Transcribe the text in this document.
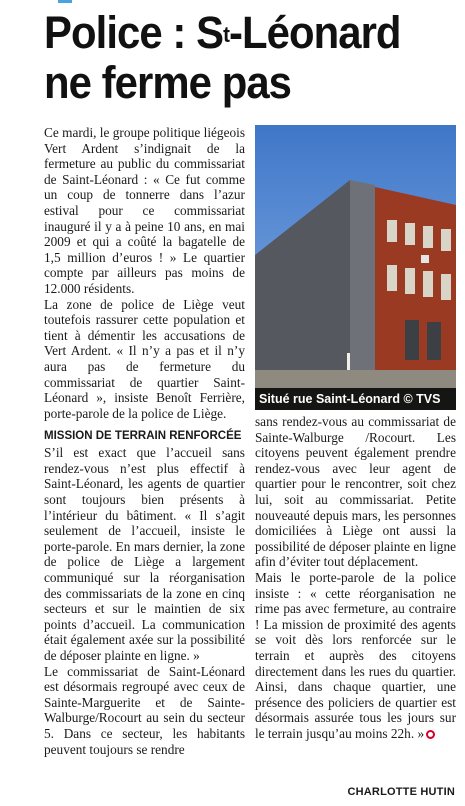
Police : $S^t$-Léonard
ne ferme pas

Ce mardi, le groupe politique liégeois Vert Ardent s’indignait de la fermeture au public du commissariat de Saint-Léonard : « Ce fut comme un coup de tonnerre dans l’azur estival pour ce commissariat inauguré il y a à peine 10 ans, en mai 2009 et qui a coûté la bagatelle de 1,5 million d’euros ! » Le quartier compte par ailleurs pas moins de 12.000 résidents.

La zone de police de Liège veut toutefois rassurer cette population et tient à démentir les accusations de Vert Ardent. « Il n’y a pas et il n’y aura pas de fermeture du commissariat de quartier Saint-Léonard », insiste Benoît Ferrière, porte-parole de la police de Liège.

MISSION DE TERRAIN RENFORCÉE

S’il est exact que l’accueil sans rendez-vous n’est plus effectif à Saint-Léonard, les agents de quartier sont toujours bien présents à l’intérieur du bâtiment. « Il s’agit seulement de l’accueil, insiste le porte-parole. En mars dernier, la zone de police de Liège a largement communiqué sur la réorganisation des commissariats de la zone en cinq secteurs et sur le maintien de six points d’accueil. La communication était également axée sur la possibilité de déposer plainte en ligne. »

Le commissariat de Saint-Léonard est désormais regroupé avec ceux de Sainte-Marguerite et de Sainte-Walburge/Rocourt au sein du secteur 5. Dans ce secteur, les habitants peuvent toujours se rendre

Situé rue Saint-Léonard © TVS

sans rendez-vous au commissariat de Sainte-Walburge /Rocourt. Les citoyens peuvent également prendre rendez-vous avec leur agent de quartier pour le rencontrer, soit chez lui, soit au commissariat. Petite nouveauté depuis mars, les personnes domiciliées à Liège ont aussi la possibilité de déposer plainte en ligne afin d’éviter tout déplacement.

Mais le porte-parole de la police insiste : « cette réorganisation ne rime pas avec fermeture, au contraire ! La mission de proximité des agents se voit dès lors renforcée sur le terrain et auprès des citoyens directement dans les rues du quartier. Ainsi, dans chaque quartier, une présence des policiers de quartier est désormais assurée tous les jours sur le terrain jusqu’au moins 22h. »

CHARLOTTE HUTIN
